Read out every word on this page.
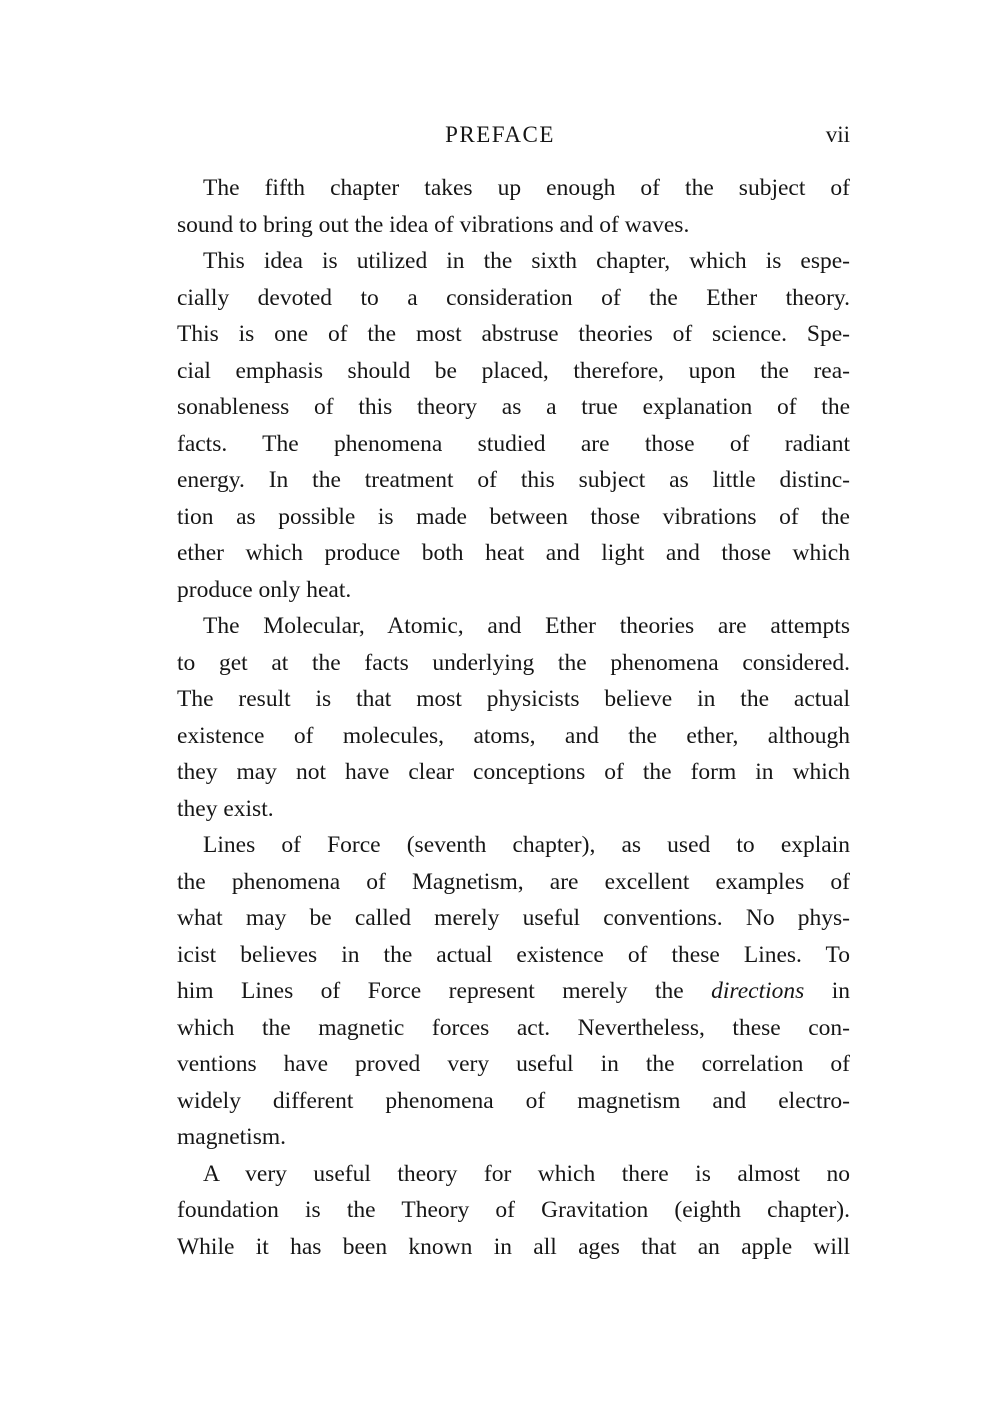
PREFACE	vii
The fifth chapter takes up enough of the subject of
sound to bring out the idea of vibrations and of waves.
This idea is utilized in the sixth chapter, which is espe-
cially devoted to a consideration of the Ether theory.
This is one of the most abstruse theories of science. Spe-
cial emphasis should be placed, therefore, upon the rea-
sonableness of this theory as a true explanation of the
facts. The phenomena studied are those of radiant
energy. In the treatment of this subject as little distinc-
tion as possible is made between those vibrations of the
ether which produce both heat and light and those which
produce only heat.
The Molecular, Atomic, and Ether theories are attempts
to get at the facts underlying the phenomena considered.
The result is that most physicists believe in the actual
existence of molecules, atoms, and the ether, although
they may not have clear conceptions of the form in which
they exist.
Lines of Force (seventh chapter), as used to explain
the phenomena of Magnetism, are excellent examples of
what may be called merely useful conventions. No phys-
icist believes in the actual existence of these Lines. To
him Lines of Force represent merely the directions in
which the magnetic forces act. Nevertheless, these con-
ventions have proved very useful in the correlation of
widely different phenomena of magnetism and electro-
magnetism.
A very useful theory for which there is almost no
foundation is the Theory of Gravitation (eighth chapter).
While it has been known in all ages that an apple will
